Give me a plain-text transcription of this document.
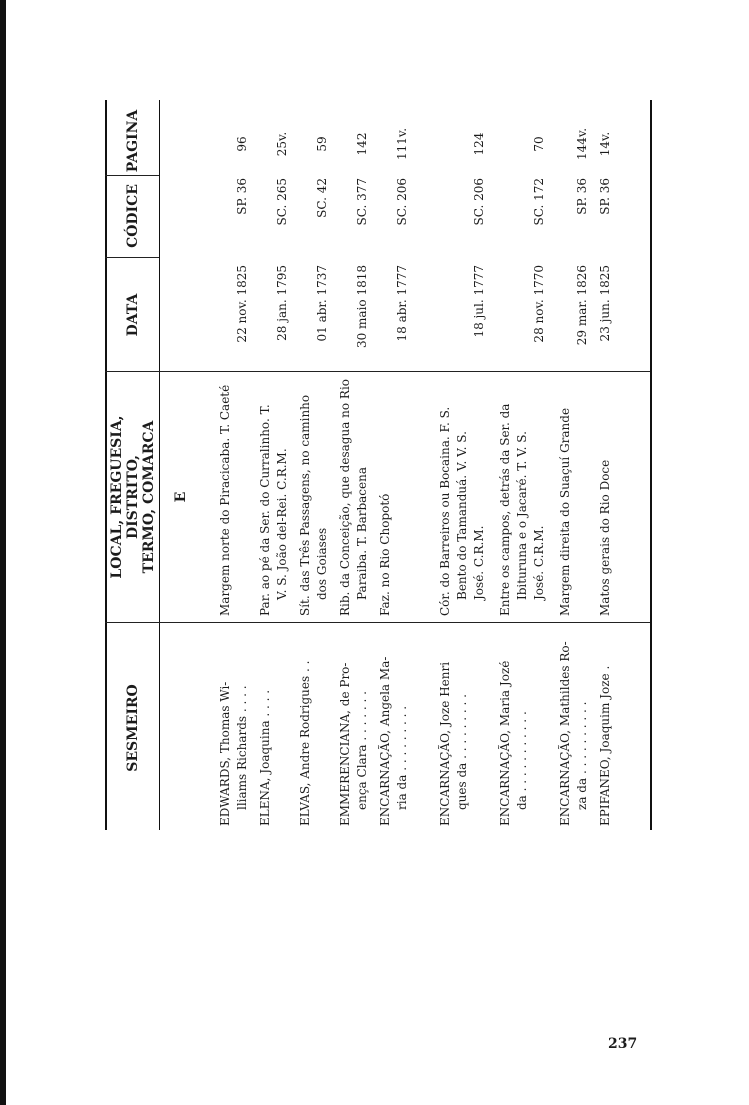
SESMEIRO
LOCAL, FREGUESIA, DISTRITO, TERMO, COMARCA
DATA
CÓDICE
PAGINA
E
EDWARDS, Thomas Wi- lliams Richards . . . .
Margem norte do Piracicaba. T. Caeté
22 nov. 1825
SP. 36
96
ELENA, Joaquina . . . .
Par. ao pé da Ser. do Curralinho. T. V. S. João del-Rei. C.R.M.
28 jan. 1795
SC. 265
25v.
ELVAS, Andre Rodrigues . .
Sít. das Três Passagens, no caminho dos Goiases
01 abr. 1737
SC. 42
59
EMMERENCIANA, de Pro- ença Clara . . . . . . .
Rib. da Conceição, que desagua no Rio Paraiba. T. Barbacena
30 maio 1818
SC. 377
142
ENCARNAÇÃO, Angela Ma- ria da . . . . . . . . .
Faz. no Rio Chopotó
18 abr. 1777
SC. 206
111v.
ENCARNAÇÃO, Joze Henri ques da . . . . . . . . .
Cór. do Barreiros ou Bocaina. F. S. Bento do Tamanduá. V. V. S. José. C.R.M.
18 jul. 1777
SC. 206
124
ENCARNAÇÃO, Maria Jozé da . . . . . . . . . . .
Entre os campos, detrás da Ser. da Ibituruna e o Jacaré. T. V. S. José. C.R.M.
28 nov. 1770
SC. 172
70
ENCARNAÇÃO, Mathildes Ro- za da . . . . . . . . . .
Margem direita do Suaçuí Grande
29 mar. 1826
SP. 36
144v.
EPIFANEO, Joaquim Joze .
Matos gerais do Rio Doce
23 jun. 1825
SP. 36
14v.
237
